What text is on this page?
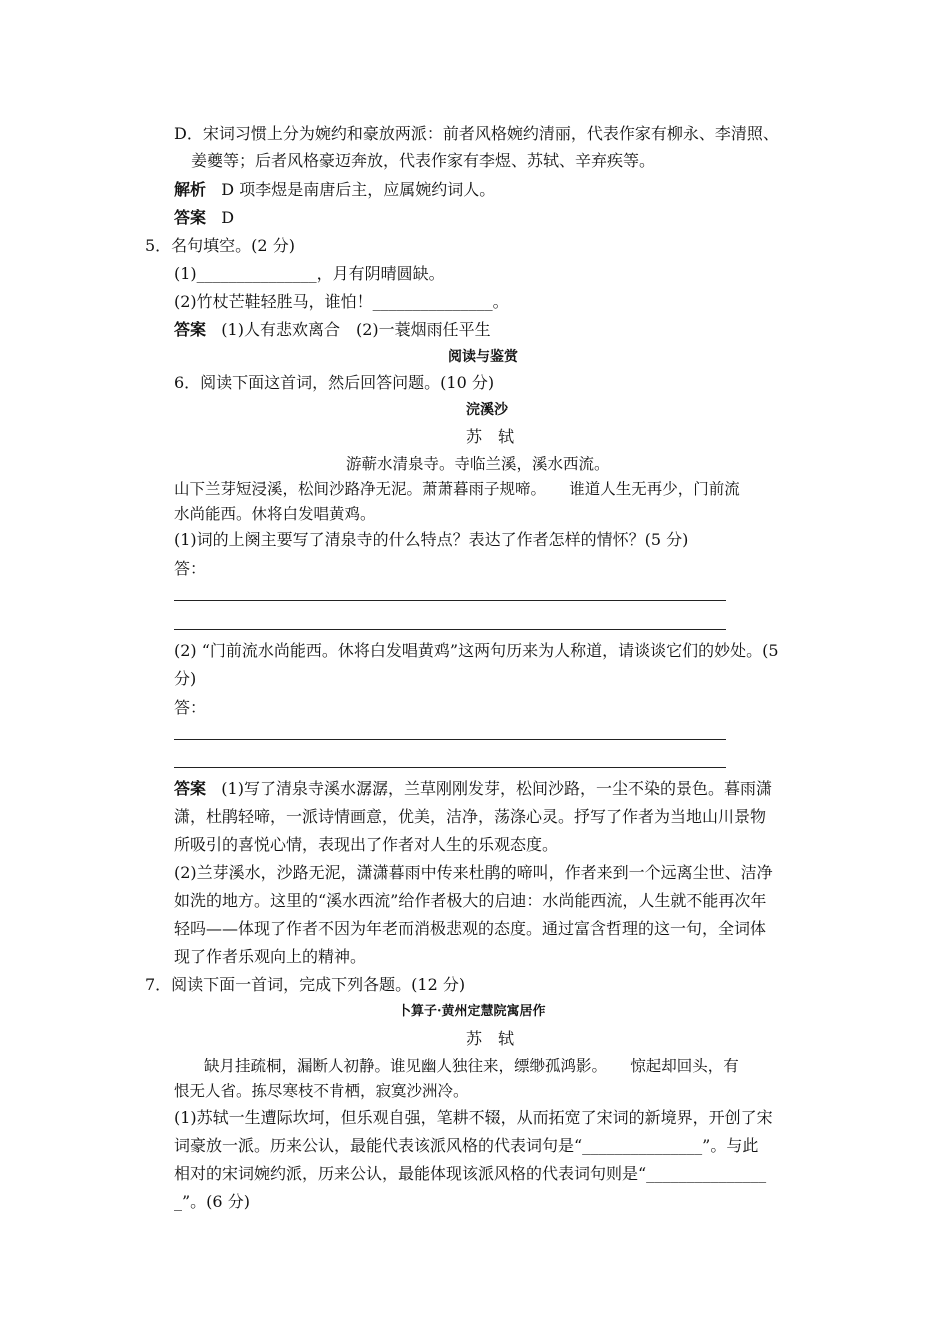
D．宋词习惯上分为婉约和豪放两派：前者风格婉约清丽，代表作家有柳永、李清照、
姜夔等；后者风格豪迈奔放，代表作家有李煜、苏轼、辛弃疾等。
解析 D 项李煜是南唐后主，应属婉约词人。
答案 D
5．名句填空。(2 分)
(1)_______________，月有阴晴圆缺。
(2)竹杖芒鞋轻胜马，谁怕！_______________。
答案 (1)人有悲欢离合　(2)一蓑烟雨任平生
阅读与鉴赏
6．阅读下面这首词，然后回答问题。(10 分)
浣溪沙
苏　轼
游蕲水清泉寺。寺临兰溪，溪水西流。
山下兰芽短浸溪，松间沙路净无泥。萧萧暮雨子规啼。　　谁道人生无再少，门前流
水尚能西。休将白发唱黄鸡。
(1)词的上阕主要写了清泉寺的什么特点？表达了作者怎样的情怀？(5 分)
答：
(2) “门前流水尚能西。休将白发唱黄鸡”这两句历来为人称道，请谈谈它们的妙处。(5
分)
答：
答案 (1)写了清泉寺溪水潺潺，兰草刚刚发芽，松间沙路，一尘不染的景色。暮雨潇
潇，杜鹃轻啼，一派诗情画意，优美，洁净，荡涤心灵。抒写了作者为当地山川景物
所吸引的喜悦心情，表现出了作者对人生的乐观态度。
(2)兰芽溪水，沙路无泥，潇潇暮雨中传来杜鹃的啼叫，作者来到一个远离尘世、洁净
如洗的地方。这里的“溪水西流”给作者极大的启迪：水尚能西流，人生就不能再次年
轻吗——体现了作者不因为年老而消极悲观的态度。通过富含哲理的这一句，全词体
现了作者乐观向上的精神。
7．阅读下面一首词，完成下列各题。(12 分)
卜算子·黄州定慧院寓居作
苏　轼
缺月挂疏桐，漏断人初静。谁见幽人独往来，缥缈孤鸿影。　　惊起却回头，有
恨无人省。拣尽寒枝不肯栖，寂寞沙洲冷。
(1)苏轼一生遭际坎坷，但乐观自强，笔耕不辍，从而拓宽了宋词的新境界，开创了宋
词豪放一派。历来公认，最能代表该派风格的代表词句是“_______________”。与此
相对的宋词婉约派，历来公认，最能体现该派风格的代表词句则是“_______________
_”。(6 分)
